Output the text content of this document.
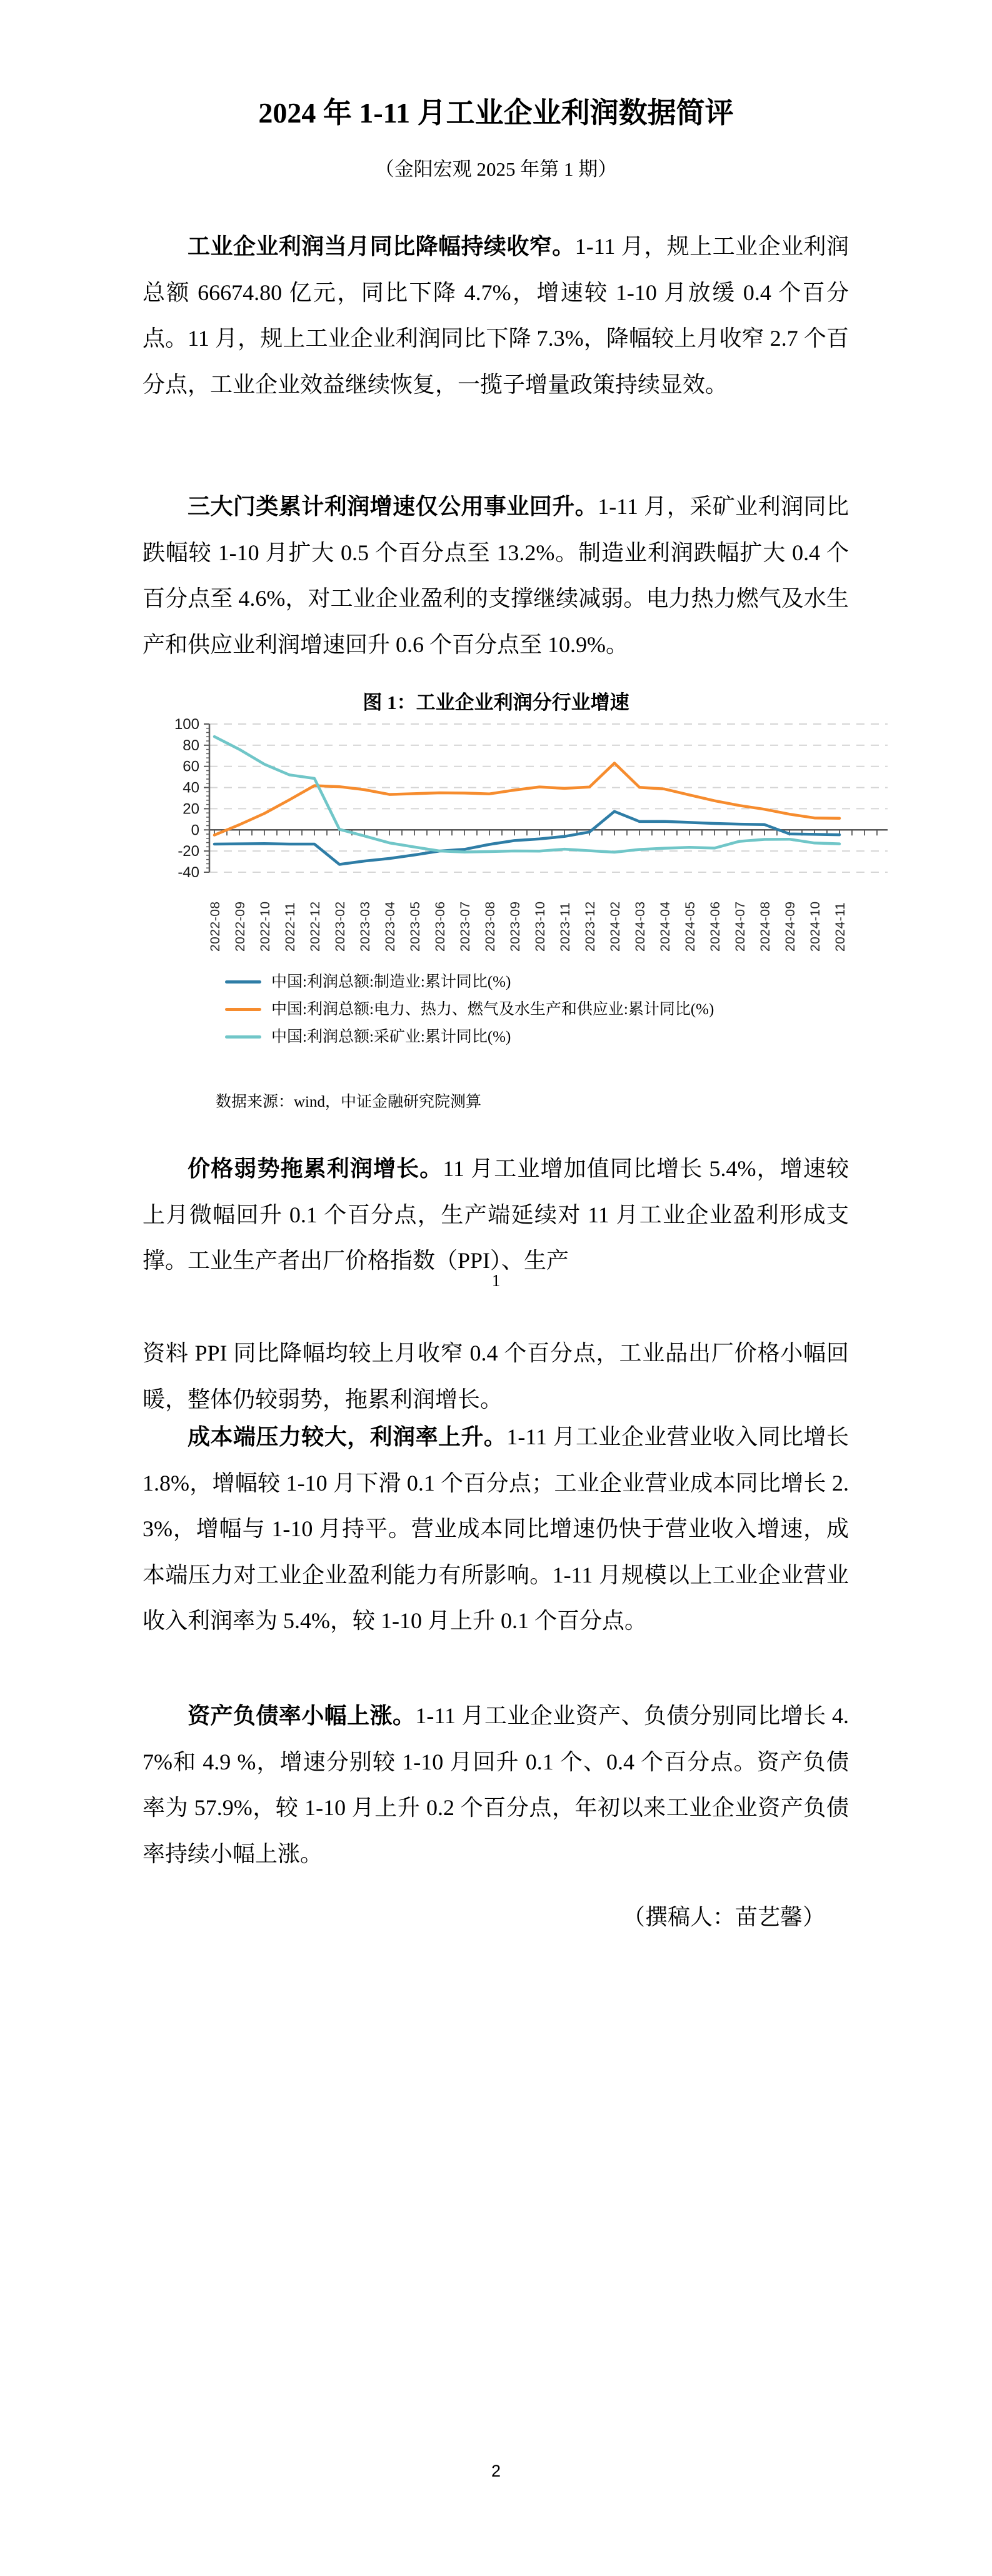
2024 年 1-11 月工业企业利润数据简评
（金阳宏观 2025 年第 1 期）

工业企业利润当月同比降幅持续收窄。1-11 月，规上工业企业利润总额 66674.80 亿元，同比下降 4.7%，增速较 1-10 月放缓 0.4 个百分点。11 月，规上工业企业利润同比下降 7.3%，降幅较上月收窄 2.7 个百分点，工业企业效益继续恢复，一揽子增量政策持续显效。

三大门类累计利润增速仅公用事业回升。1-11 月，采矿业利润同比跌幅较 1-10 月扩大 0.5 个百分点至 13.2%。制造业利润跌幅扩大 0.4 个百分点至 4.6%，对工业企业盈利的支撑继续减弱。电力热力燃气及水生产和供应业利润增速回升 0.6 个百分点至 10.9%。

图 1：工业企业利润分行业增速
-40
-20
0
20
40
60
80
100
2022-08 2022-09 2022-10 2022-11 2022-12 2023-02 2023-03 2023-04 2023-05 2023-06 2023-07 2023-08 2023-09 2023-10 2023-11 2023-12 2024-02 2024-03 2024-04 2024-05 2024-06 2024-07 2024-08 2024-09 2024-10 2024-11
中国:利润总额:制造业:累计同比(%)
中国:利润总额:电力、热力、燃气及水生产和供应业:累计同比(%)
中国:利润总额:采矿业:累计同比(%)
数据来源：wind，中证金融研究院测算

价格弱势拖累利润增长。11 月工业增加值同比增长 5.4%，增速较上月微幅回升 0.1 个百分点，生产端延续对 11 月工业企业盈利形成支撑。工业生产者出厂价格指数（PPI）、生产

1

资料 PPI 同比降幅均较上月收窄 0.4 个百分点，工业品出厂价格小幅回暖，整体仍较弱势，拖累利润增长。

成本端压力较大，利润率上升。1-11 月工业企业营业收入同比增长 1.8%，增幅较 1-10 月下滑 0.1 个百分点；工业企业营业成本同比增长 2.3%，增幅与 1-10 月持平。营业成本同比增速仍快于营业收入增速，成本端压力对工业企业盈利能力有所影响。1-11 月规模以上工业企业营业收入利润率为 5.4%，较 1-10 月上升 0.1 个百分点。

资产负债率小幅上涨。1-11 月工业企业资产、负债分别同比增长 4.7%和 4.9 %，增速分别较 1-10 月回升 0.1 个、0.4 个百分点。资产负债率为 57.9%，较 1-10 月上升 0.2 个百分点，年初以来工业企业资产负债率持续小幅上涨。

（撰稿人：苗艺馨）
2
